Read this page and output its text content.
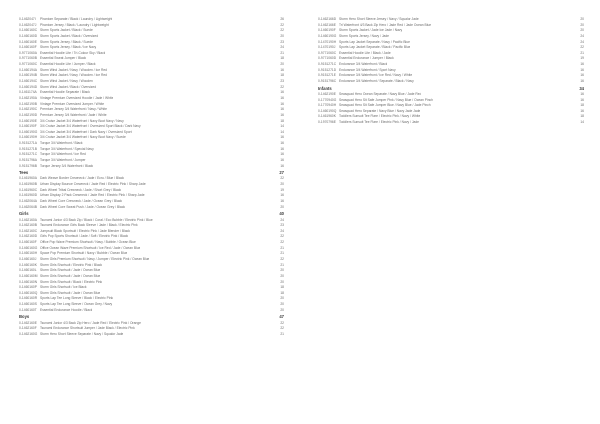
0-1462047I Phantom Separate / Black / Laundry / Lightweight	26
0-1462047J Phantom Jersey / Black / Laundry / Lightweight	22
0-1460160C Storm Sports Jacket / Black / Suede	22
0-1460160D Storm Sports Jacket / Black / Oversized	20
0-1460160E Storm Sports Jersey / Black / Suede	23
0-1460160F Storm Sports Jersey / Black / Ice Navy	24
0-9771060A Essential Hoodie Lite / Tri-Colour Sky / Black	21
0-9771060B Essential Sweat Jumper / Black	18
0-9771060C Essential Hoodie Lite / Jumper / Black	20
0-1460194A Storm Wind Jacket / Navy / Wooden / Ice Red	16
0-1460194B Storm Wind Jacket / Navy / Wooden / Ice Red	18
0-1460194C Storm Wind Jacket / Navy / Wooden	23
0-1460194D Storm Wind Jacket / Black / Oversized	22
0-1461174A Essential Hoodie Separate / Black	16
0-1462190A Vintage Premium Oversized Hoodie / Jade / White	16
0-1462190B Vintage Premium Oversized Jumper / White	16
0-1462190C Premium Jersey 3/4 Waterfront / Navy / White	16
0-1462190D Premium Jersey 3/4 Waterfront / Jade / White	16
0-1460190E 3/4 Cruise Jacket 3/4 Waterfront / Navy Boot Navy / Navy	18
0-1460190F 3/4 Cruise Jacket 3/4 Waterfront / Oversized Sport Black / Dark Navy	14
0-1460190G 3/4 Cruise Jacket 3/4 Waterfront / Dark Navy / Oversized Sport	14
0-1460190H 3/4 Cruise Jacket 3/4 Waterfront / Navy Boot Navy / Suede	16
0-9151271A Torque 3/4 Waterfront / Black	16
0-9151271B Torque 3/4 Waterfront / Special Navy	16
0-9151271C Torque 3/4 Waterfront / Ice Red	16
0-9151796A Torque 3/4 Waterfront / Jumper	16
0-9151796B Torque Jersey 3/4 Waterfront / Black	16
Tees	27
0-1461960A Dark Weave Border Crewneck / Jade / Ecru / Blue / Black	22
0-1461960B Urban Display Bounce Crewneck / Jade Red / Electric Pink / Sharp Jade	20
0-1461960C Dark Wheel Tribal Crewneck / Jade / Short Grey / Black	19
0-1461960D Urban Display 2 Pack Crewneck / Jade Red / Electric Pink / Sharp Jade	16
0-1462064A Dark Wheel Core Crewneck / Jade / Ocean Grey / Black	16
0-1462064B Dark Wheel Core Sweat Push / Jade / Ocean Grey / Black	20
Girls	40
0-1462160A Tsunami Junior 4/3 Back Zip / Black / Coral / Eco Bubble / Electric Pink / Blue	24
0-1462160B Tsunami Endurance Girls Back Sleeve / Jade / Black / Electric Pink	23
0-1462160C Jumpsuit Black Sportsuit / Electric Pink / Jade Blender / Black	24
0-1462160D Girls Pop Sports Shortsuit / Jade / Soft / Electric Pink / Black	22
0-1460160F Office Pop Wave Premium Shortsuit / Navy / Bubble / Ocean Blue	22
0-1460160G Office Ocean Wave Premium Shortsuit / Ice Red / Jade / Ocean Blue	21
0-1460160H Space Pop Premium Shortsuit / Navy / Bubble / Ocean Blue	21
0-1460160J Storm Girls Premium Shortsuit / Navy / Jumper / Electric Pink / Ocean Blue	22
0-1460160K Storm Girls Shortsuit / Electric Pink / Black	21
0-1460160L Storm Girls Shortsuit / Jade / Ocean Blue	20
0-1460160M Storm Girls Shortsuit / Jade / Ocean Blue	20
0-1460160N Storm Girls Shortsuit / Black / Electric Pink	20
0-1460160P Storm Girls Shortsuit / Ice Black	18
0-1460160Q Storm Girls Shortsuit / Jade / Ocean Blue	18
0-1460160R Sports Lap Tee Long Sleeve / Black / Electric Pink	20
0-1460160S Sports Lap Tee Long Sleeve / Ocean Grey / Navy	20
0-1460160T Essential Endurance Hoodie / Black	20
Boys	47
0-1462160E Tsunami Junior 4/3 Back Zip Hero / Jade Red / Electric Pink / Orange	22
0-1462160F Tsunami Endurance Shortsuit Jumper / Jade Black / Electric Pink	22
0-1462160G Storm Hero Short Sleeve Separate / Navy / Squalor Jade	21
0-1462166D Storm Hero Short Sleeve Jersey / Navy / Squalor Jade	20
0-1462166E Tri Waterfront 4/3 Back Zip Hero / Jade Red / Jade Ocean Blue	20
0-1460190F Storm Sports Jacket / Jade Ice Jade / Navy	20
0-1460190G Storm Sports Jersey / Navy / Jade	24
0-1470190H Sports Lap Jacket Separate / Navy / Pacific Blue	24
0-1470190J Sports Lap Jacket Separate / Black / Pacific Blue	22
0-9771060C Essential Hoodie Lite / Black / Jade	21
0-9771060D Essential Endurance / Jumper / Black	19
0-9151271C Endurance 3/4 Waterfront / Black	16
0-9151271D Endurance 3/4 Waterfront / Sport Navy	16
0-9151271E Endurance 3/4 Waterfront / Ice Red / Navy / White	16
0-9151796C Endurance 3/4 Waterfront / Separate / Black / Navy	16
Infants	34
0-1462190E Seasquad Hero Ocean Separate / Navy Blue / Jade Red	16
0-1770940G Seasquad Hero Sit Safe Jumper Pink / Navy Blue / Ocean Pinch	16
0-1770940H Seasquad Hero Sit Safe Jumper Blue / Navy Blue / Jade Pinch	18
0-1460190Q Seasquad Hero Separate / Navy Blue / Navy Jade Jade	16
0-1461960K Toddlers Sunsuit Tee Flare / Electric Pink / Navy / White	18
0-1970796E Toddlers Sunsuit Tee Flare / Electric Pink / Navy / Jade	14
